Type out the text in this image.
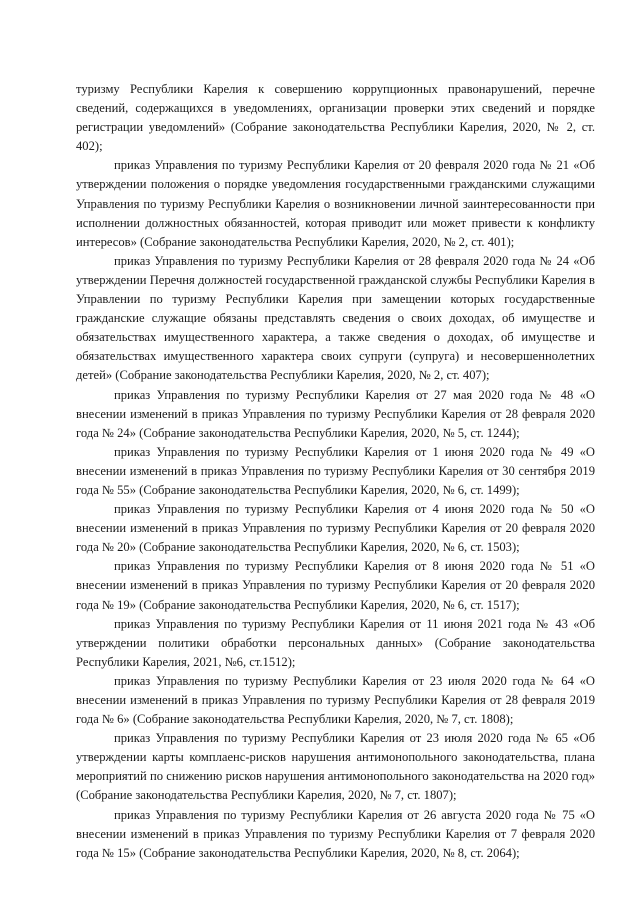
туризму Республики Карелия к совершению коррупционных правонарушений, перечне сведений, содержащихся в уведомлениях, организации проверки этих сведений и порядке регистрации уведомлений» (Собрание законодательства Республики Карелия, 2020, № 2, ст. 402);

приказ Управления по туризму Республики Карелия от 20 февраля 2020 года № 21 «Об утверждении положения о порядке уведомления государственными гражданскими служащими Управления по туризму Республики Карелия о возникновении личной заинтересованности при исполнении должностных обязанностей, которая приводит или может привести к конфликту интересов» (Собрание законодательства Республики Карелия, 2020, № 2, ст. 401);

приказ Управления по туризму Республики Карелия от 28 февраля 2020 года № 24 «Об утверждении Перечня должностей государственной гражданской службы Республики Карелия в Управлении по туризму Республики Карелия при замещении которых государственные гражданские служащие обязаны представлять сведения о своих доходах, об имуществе и обязательствах имущественного характера, а также сведения о доходах, об имуществе и обязательствах имущественного характера своих супруги (супруга) и несовершеннолетних детей» (Собрание законодательства Республики Карелия, 2020, № 2, ст. 407);

приказ Управления по туризму Республики Карелия от 27 мая 2020 года № 48 «О внесении изменений в приказ Управления по туризму Республики Карелия от 28 февраля 2020 года № 24» (Собрание законодательства Республики Карелия, 2020, № 5, ст. 1244);

приказ Управления по туризму Республики Карелия от 1 июня 2020 года № 49 «О внесении изменений в приказ Управления по туризму Республики Карелия от 30 сентября 2019 года № 55» (Собрание законодательства Республики Карелия, 2020, № 6, ст. 1499);

приказ Управления по туризму Республики Карелия от 4 июня 2020 года № 50 «О внесении изменений в приказ Управления по туризму Республики Карелия от 20 февраля 2020 года № 20» (Собрание законодательства Республики Карелия, 2020, № 6, ст. 1503);

приказ Управления по туризму Республики Карелия от 8 июня 2020 года № 51 «О внесении изменений в приказ Управления по туризму Республики Карелия от 20 февраля 2020 года № 19» (Собрание законодательства Республики Карелия, 2020, № 6, ст. 1517);

приказ Управления по туризму Республики Карелия от 11 июня 2021 года № 43 «Об утверждении политики обработки персональных данных» (Собрание законодательства Республики Карелия, 2021, №6, ст.1512);

приказ Управления по туризму Республики Карелия от 23 июля 2020 года № 64 «О внесении изменений в приказ Управления по туризму Республики Карелия от 28 февраля 2019 года № 6» (Собрание законодательства Республики Карелия, 2020, № 7, ст. 1808);

приказ Управления по туризму Республики Карелия от 23 июля 2020 года № 65 «Об утверждении карты комплаенс-рисков нарушения антимонопольного законодательства, плана мероприятий по снижению рисков нарушения антимонопольного законодательства на 2020 год» (Собрание законодательства Республики Карелия, 2020, № 7, ст. 1807);

приказ Управления по туризму Республики Карелия от 26 августа 2020 года № 75 «О внесении изменений в приказ Управления по туризму Республики Карелия от 7 февраля 2020 года № 15» (Собрание законодательства Республики Карелия, 2020, № 8, ст. 2064);
